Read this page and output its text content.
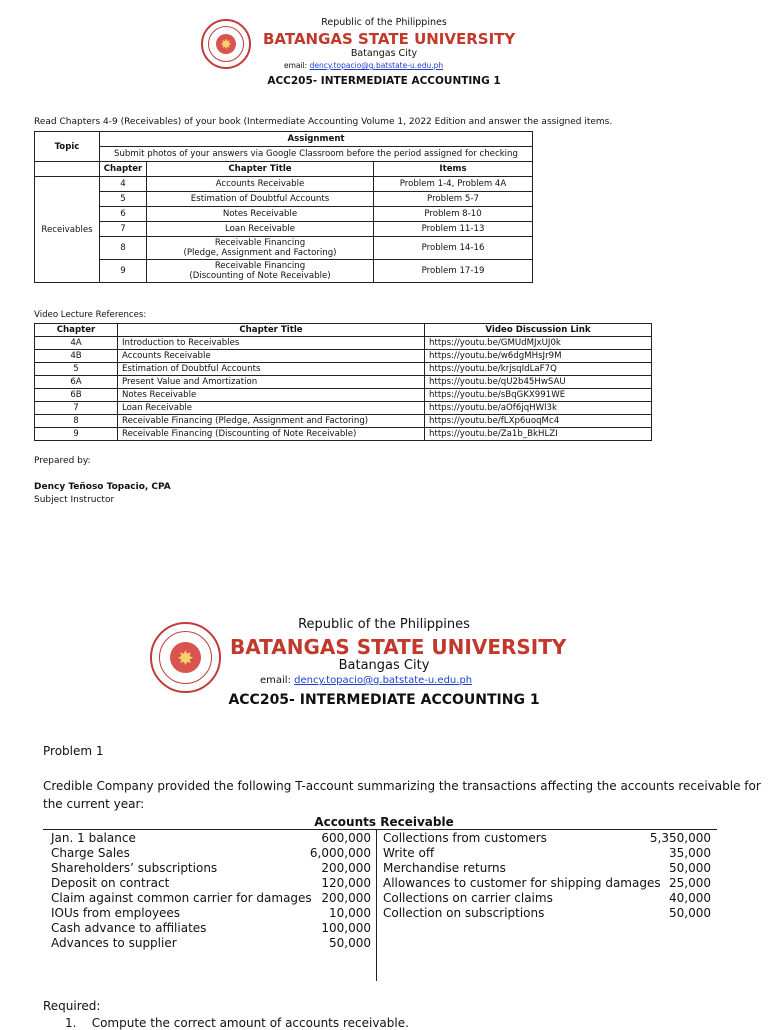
✸
Republic of the Philippines
BATANGAS STATE UNIVERSITY
Batangas City
email: dency.topacio@g.batstate-u.edu.ph
ACC205- INTERMEDIATE ACCOUNTING 1
Read Chapters 4-9 (Receivables) of your book (Intermediate Accounting Volume 1, 2022 Edition and answer the assigned items.
Topic	Assignment		
	Submit photos of your answers via Google Classroom before the period assigned for checking		
	Chapter	Chapter Title	Items
Receivables	4	Accounts Receivable	Problem 1-4, Problem 4A
	5	Estimation of Doubtful Accounts	Problem 5-7
	6	Notes Receivable	Problem 8-10
	7	Loan Receivable	Problem 11-13
	8	Receivable Financing
(Pledge, Assignment and Factoring)	Problem 14-16
	9	Receivable Financing
(Discounting of Note Receivable)	Problem 17-19
Video Lecture References:
Chapter	Chapter Title	Video Discussion Link
4A	Introduction to Receivables	https://youtu.be/GMUdMJxUJ0k
4B	Accounts Receivable	https://youtu.be/w6dgMHsJr9M
5	Estimation of Doubtful Accounts	https://youtu.be/krjsqIdLaF7Q
6A	Present Value and Amortization	https://youtu.be/qU2b45HwSAU
6B	Notes Receivable	https://youtu.be/sBqGKX991WE
7	Loan Receivable	https://youtu.be/aOf6jqHWl3k
8	Receivable Financing (Pledge, Assignment and Factoring)	https://youtu.be/fLXp6uoqMc4
9	Receivable Financing (Discounting of Note Receivable)	https://youtu.be/Za1b_BkHLZI
Prepared by:
Dency Teñoso Topacio, CPA
Subject Instructor
✸
Republic of the Philippines
BATANGAS STATE UNIVERSITY
Batangas City
email: dency.topacio@g.batstate-u.edu.ph
ACC205- INTERMEDIATE ACCOUNTING 1
Problem 1
Credible Company provided the following T-account summarizing the transactions affecting the accounts receivable for
the current year:
Accounts Receivable
Jan. 1 balance	600,000
Charge Sales	6,000,000
Shareholders’ subscriptions	200,000
Deposit on contract	120,000
Claim against common carrier for damages 200,000
IOUs from employees	10,000
Cash advance to affiliates	100,000
Advances to supplier	50,000
Collections from customers	5,350,000
Write off	35,000
Merchandise returns	50,000
Allowances to customer for shipping damages 25,000
Collections on carrier claims	40,000
Collection on subscriptions	50,000
Required:
1.    Compute the correct amount of accounts receivable.
